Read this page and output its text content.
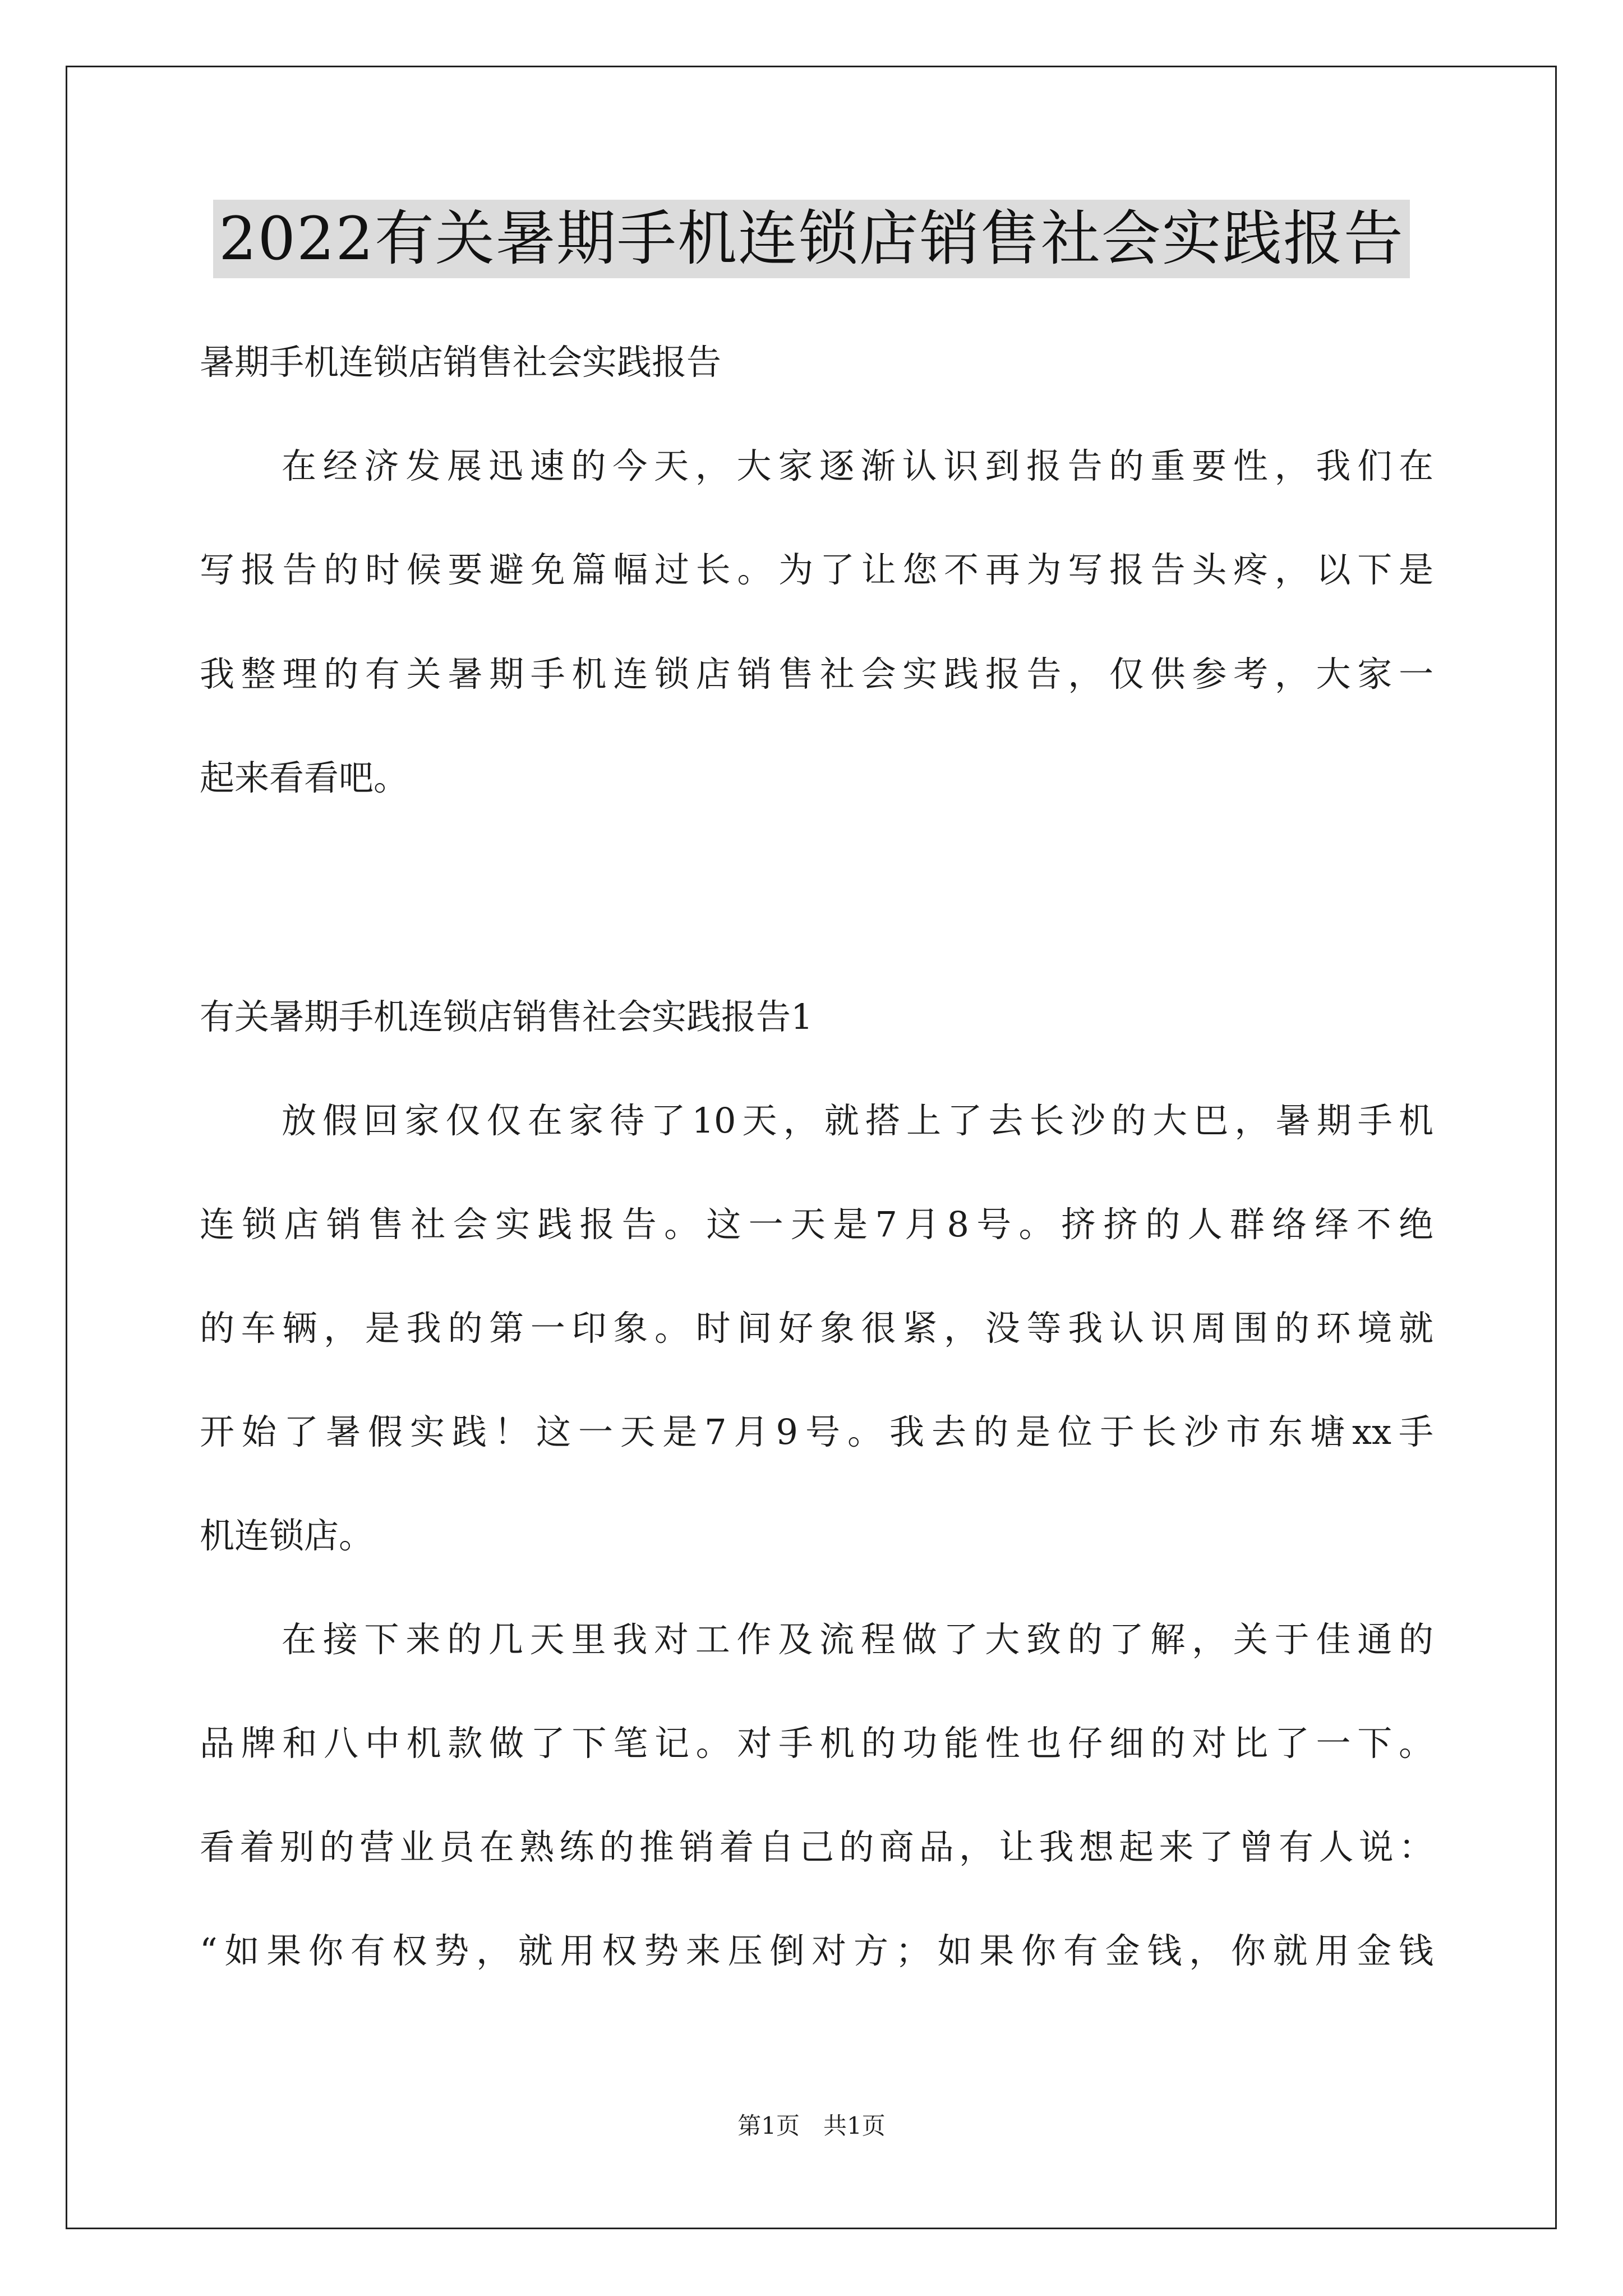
2022有关暑期手机连锁店销售社会实践报告
暑期手机连锁店销售社会实践报告
在经济发展迅速的今天，大家逐渐认识到报告的重要性，我们在
写报告的时候要避免篇幅过长。为了让您不再为写报告头疼，以下是
我整理的有关暑期手机连锁店销售社会实践报告，仅供参考，大家一
起来看看吧。
有关暑期手机连锁店销售社会实践报告1
放假回家仅仅在家待了10天，就搭上了去长沙的大巴，暑期手机
连锁店销售社会实践报告。这一天是7月8号。挤挤的人群络绎不绝
的车辆，是我的第一印象。时间好象很紧，没等我认识周围的环境就
开始了暑假实践！这一天是7月9号。我去的是位于长沙市东塘xx手
机连锁店。
在接下来的几天里我对工作及流程做了大致的了解，关于佳通的
品牌和八中机款做了下笔记。对手机的功能性也仔细的对比了一下。
看着别的营业员在熟练的推销着自己的商品，让我想起来了曾有人说：
“如果你有权势，就用权势来压倒对方；如果你有金钱，你就用金钱
第1页　共1页
